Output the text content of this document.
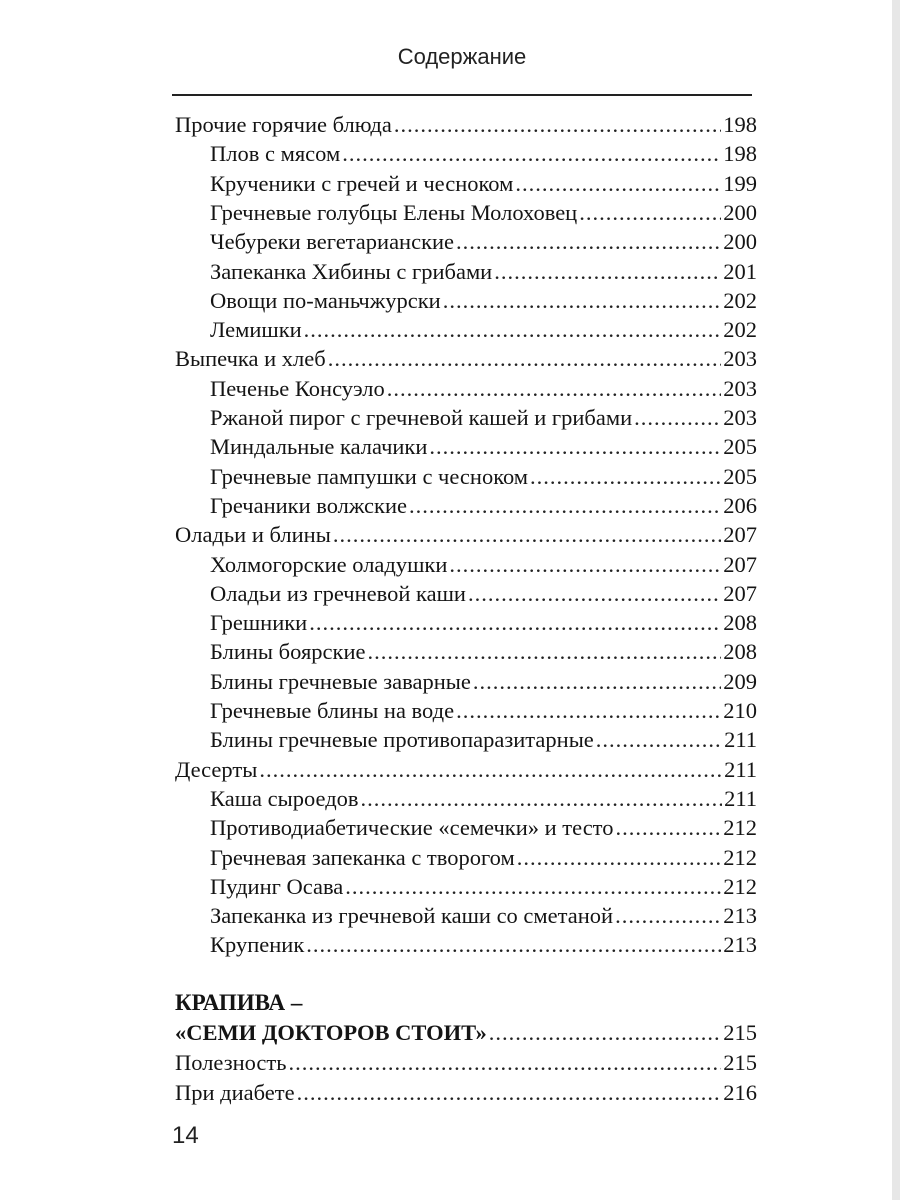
Содержание
Прочие горячие блюда .....	198
Плов с мясом .....	198
Крученики с гречей и чесноком .....	199
Гречневые голубцы Елены Молоховец .....	200
Чебуреки вегетарианские .....	200
Запеканка Хибины с грибами .....	201
Овощи по-маньчжурски .....	202
Лемишки .....	202
Выпечка и хлеб .....	203
Печенье Консуэло .....	203
Ржаной пирог с гречневой кашей и грибами .....	203
Миндальные калачики .....	205
Гречневые пампушки с чесноком .....	205
Гречаники волжские .....	206
Оладьи и блины .....	207
Холмогорские оладушки .....	207
Оладьи из гречневой каши .....	207
Грешники .....	208
Блины боярские .....	208
Блины гречневые заварные .....	209
Гречневые блины на воде .....	210
Блины гречневые противопаразитарные .....	211
Десерты .....	211
Каша сыроедов .....	211
Противодиабетические «семечки» и тесто .....	212
Гречневая запеканка с творогом .....	212
Пудинг Осава .....	212
Запеканка из гречневой каши со сметаной .....	213
Крупеник .....	213
КРАПИВА –
«СЕМИ ДОКТОРОВ СТОИТ» .....	215
Полезность .....	215
При диабете .....	216
14
